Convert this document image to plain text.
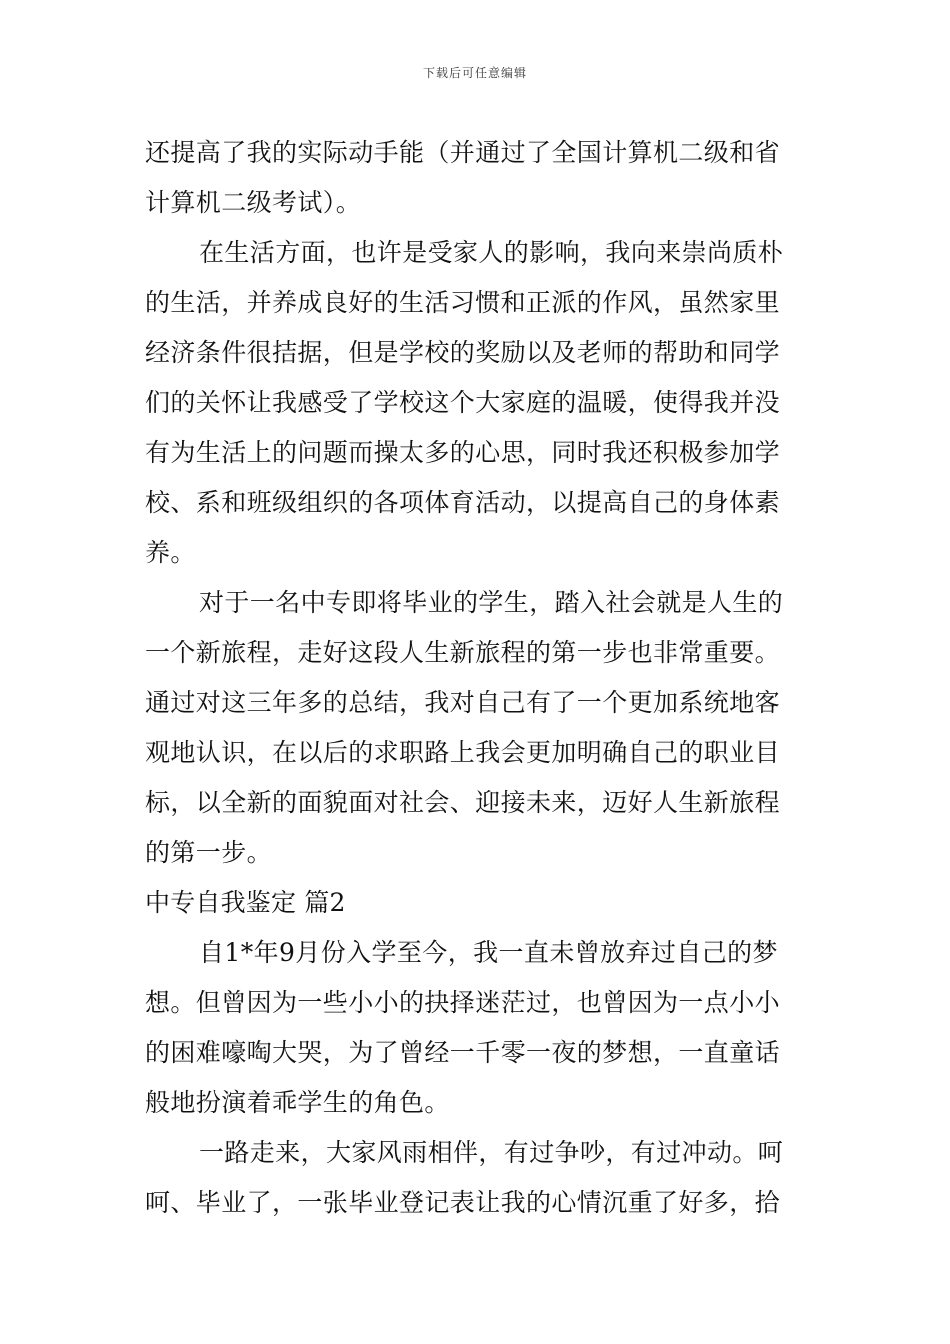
下载后可任意编辑
还提高了我的实际动手能（并通过了全国计算机二级和省
计算机二级考试）。
在生活方面，也许是受家人的影响，我向来崇尚质朴
的生活，并养成良好的生活习惯和正派的作风，虽然家里
经济条件很拮据，但是学校的奖励以及老师的帮助和同学
们的关怀让我感受了学校这个大家庭的温暖，使得我并没
有为生活上的问题而操太多的心思，同时我还积极参加学
校、系和班级组织的各项体育活动，以提高自己的身体素
养。
对于一名中专即将毕业的学生，踏入社会就是人生的
一个新旅程，走好这段人生新旅程的第一步也非常重要。
通过对这三年多的总结，我对自己有了一个更加系统地客
观地认识，在以后的求职路上我会更加明确自己的职业目
标，以全新的面貌面对社会、迎接未来，迈好人生新旅程
的第一步。
中专自我鉴定 篇2
自1*年9月份入学至今，我一直未曾放弃过自己的梦
想。但曾因为一些小小的抉择迷茫过，也曾因为一点小小
的困难嚎啕大哭，为了曾经一千零一夜的梦想，一直童话
般地扮演着乖学生的角色。
一路走来，大家风雨相伴，有过争吵，有过冲动。呵
呵、毕业了，一张毕业登记表让我的心情沉重了好多，拾
